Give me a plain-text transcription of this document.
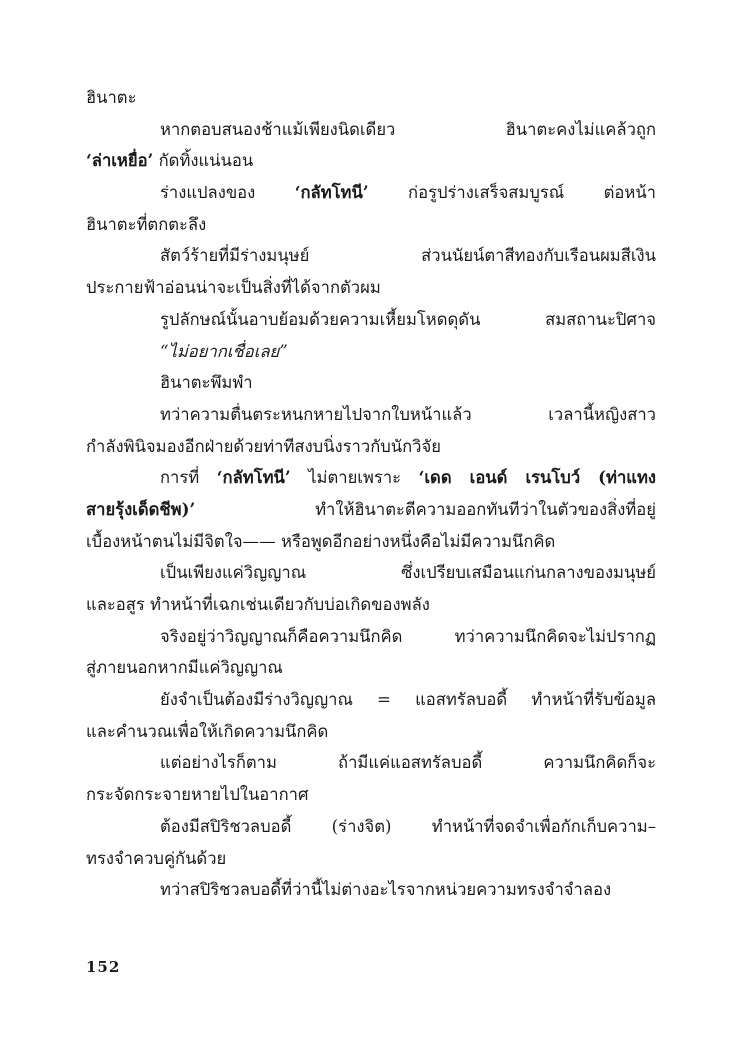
ฮินาตะ
หากตอบสนองช้าแม้เพียงนิดเดียว ฮินาตะคงไม่แคล้วถูก
‘ล่าเหยื่อ’ กัดทิ้งแน่นอน
ร่างแปลงของ ‘กลัทโทนี’ ก่อรูปร่างเสร็จสมบูรณ์ ต่อหน้า
ฮินาตะที่ตกตะลึง
สัตว์ร้ายที่มีร่างมนุษย์ ส่วนนัยน์ตาสีทองกับเรือนผมสีเงิน
ประกายฟ้าอ่อนน่าจะเป็นสิ่งที่ได้จากตัวผม
รูปลักษณ์นั้นอาบย้อมด้วยความเหี้ยมโหดดุดัน สมสถานะปิศาจ
“ไม่อยากเชื่อเลย”
ฮินาตะพึมพำ
ทว่าความตื่นตระหนกหายไปจากใบหน้าแล้ว เวลานี้หญิงสาว
กำลังพินิจมองอีกฝ่ายด้วยท่าทีสงบนิ่งราวกับนักวิจัย
การที่ ‘กลัทโทนี’ ไม่ตายเพราะ ‘เดด เอนด์ เรนโบว์ (ท่าแทง
สายรุ้งเด็ดชีพ)’ ทำให้ฮินาตะตีความออกทันทีว่าในตัวของสิ่งที่อยู่
เบื้องหน้าตนไม่มีจิตใจ—— หรือพูดอีกอย่างหนึ่งคือไม่มีความนึกคิด
เป็นเพียงแค่วิญญาณ ซึ่งเปรียบเสมือนแก่นกลางของมนุษย์
และอสูร ทำหน้าที่เฉกเช่นเดียวกับบ่อเกิดของพลัง
จริงอยู่ว่าวิญญาณก็คือความนึกคิด ทว่าความนึกคิดจะไม่ปรากฏ
สู่ภายนอกหากมีแค่วิญญาณ
ยังจำเป็นต้องมีร่างวิญญาณ = แอสทรัลบอดี้ ทำหน้าที่รับข้อมูล
และคำนวณเพื่อให้เกิดความนึกคิด
แต่อย่างไรก็ตาม ถ้ามีแค่แอสทรัลบอดี้ ความนึกคิดก็จะ
กระจัดกระจายหายไปในอากาศ
ต้องมีสปิริชวลบอดี้ (ร่างจิต) ทำหน้าที่จดจำเพื่อกักเก็บความ–
ทรงจำควบคู่กันด้วย
ทว่าสปิริชวลบอดี้ที่ว่านี้ไม่ต่างอะไรจากหน่วยความทรงจำจำลอง
152
